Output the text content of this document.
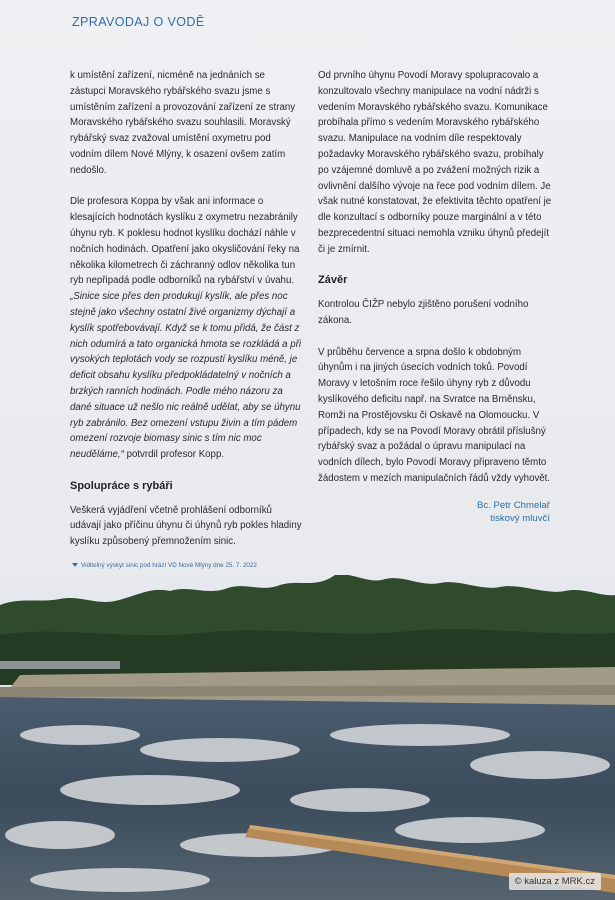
ZPRAVODAJ O VODĚ

k umístění zařízení, nicméně na jednáních se zástupci Moravského rybářského svazu jsme s umístěním zařízení a provozování zařízení ze strany Moravského rybářského svazu souhlasili. Moravský rybářský svaz zvažoval umístění oxymetru pod vodním dílem Nové Mlýny, k osazení ovšem zatím nedošlo.

Dle profesora Koppa by však ani informace o klesajících hodnotách kyslíku z oxymetru nezabránily úhynu ryb. K poklesu hodnot kyslíku dochází náhle v nočních hodinách. Opatření jako okysličování řeky na několika kilometrech či záchranný odlov několika tun ryb nepřipadá podle odborníků na rybářství v úvahu. „Sinice sice přes den produkují kyslík, ale přes noc stejně jako všechny ostatní živé organizmy dýchají a kyslík spotřebovávají. Když se k tomu přidá, že část z nich odumírá a tato organická hmota se rozkládá a při vysokých teplotách vody se rozpustí kyslíku méně, je deficit obsahu kyslíku předpokládatelný v nočních a brzkých ranních hodinách. Podle mého názoru za dané situace už nešlo nic reálně udělat, aby se úhynu ryb zabránilo. Bez omezení vstupu živin a tím pádem omezení rozvoje biomasy sinic s tím nic moc neuděláme,“ potvrdil profesor Kopp.

Spolupráce s rybáři

Veškerá vyjádření včetně prohlášení odborníků udávají jako příčinu úhynu či úhynů ryb pokles hladiny kyslíku způsobený přemnožením sinic.

Od prvního úhynu Povodí Moravy spolupracovalo a konzultovalo všechny manipulace na vodní nádrži s vedením Moravského rybářského svazu. Komunikace probíhala přímo s vedením Moravského rybářského svazu. Manipulace na vodním díle respektovaly požadavky Moravského rybářského svazu, probíhaly po vzájemné domluvě a po zvážení možných rizik a ovlivnění dalšího vývoje na řece pod vodním dílem. Je však nutné konstatovat, že efektivita těchto opatření je dle konzultací s odborníky pouze marginální a v této bezprecedentní situaci nemohla vzniku úhynů předejít či je zmírnit.

Závěr

Kontrolou ČIŽP nebylo zjištěno porušení vodního zákona.

V průběhu července a srpna došlo k obdobným úhynům i na jiných úsecích vodních toků. Povodí Moravy v letošním roce řešilo úhyny ryb z důvodu kyslíkového deficitu např. na Svratce na Brněnsku, Romži na Prostějovsku či Oskavě na Olomoucku. V případech, kdy se na Povodí Moravy obrátil příslušný rybářský svaz a požádal o úpravu manipulací na vodních dílech, bylo Povodí Moravy připraveno těmto žádostem v mezích manipulačních řádů vždy vyhovět.

Bc. Petr Chmelař
tiskový mluvčí
Viditelný výskyt sinic pod hrází VD Nové Mlýny dne 25. 7. 2022
© kaluza z MRK.cz
